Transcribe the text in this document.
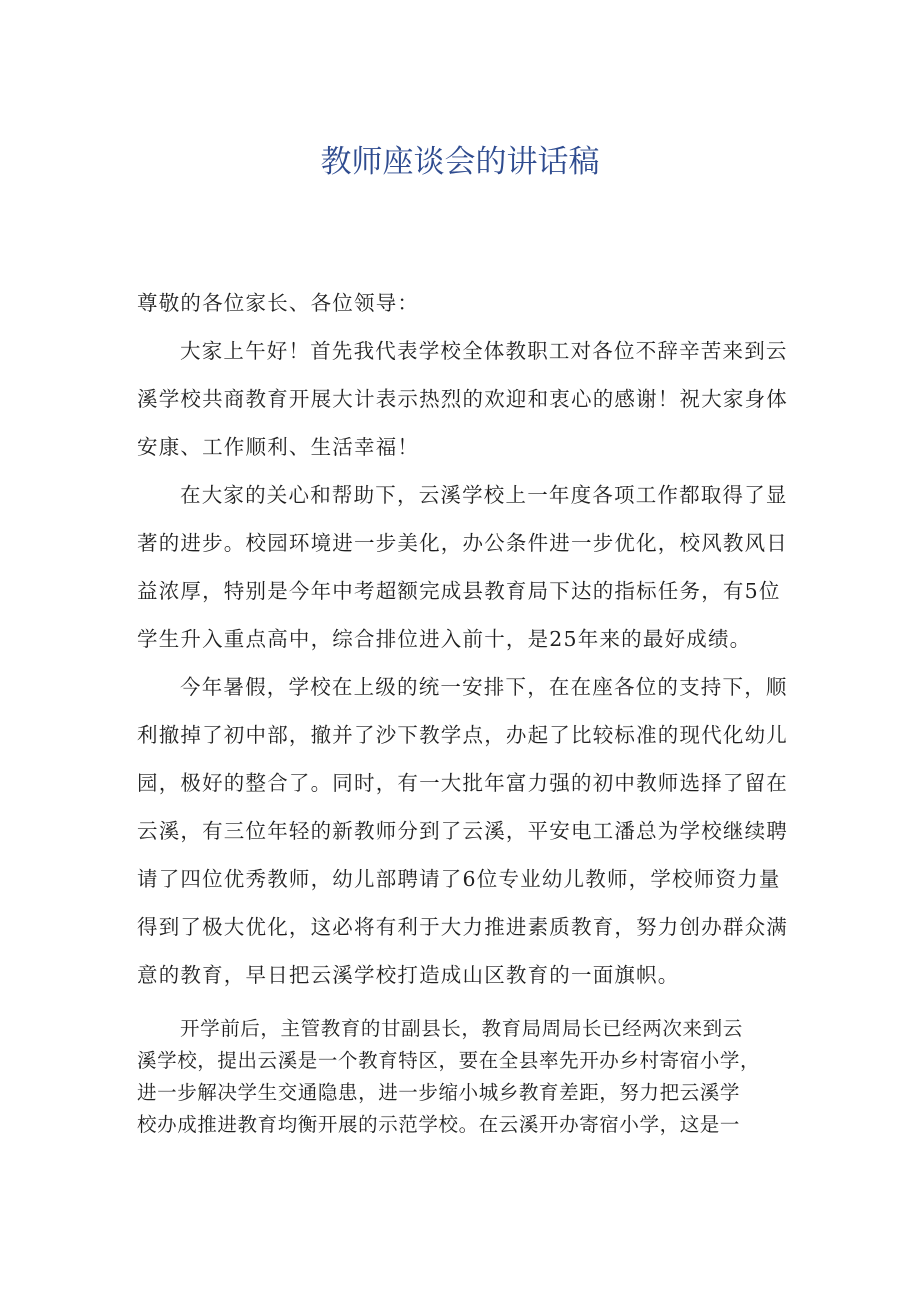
教师座谈会的讲话稿

尊敬的各位家长、各位领导：

大家上午好！首先我代表学校全体教职工对各位不辞辛苦来到云

溪学校共商教育开展大计表示热烈的欢迎和衷心的感谢！祝大家身体

安康、工作顺利、生活幸福！

在大家的关心和帮助下，云溪学校上一年度各项工作都取得了显

著的进步。校园环境进一步美化，办公条件进一步优化，校风教风日

益浓厚，特别是今年中考超额完成县教育局下达的指标任务，有5位

学生升入重点高中，综合排位进入前十，是25年来的最好成绩。

今年暑假，学校在上级的统一安排下，在在座各位的支持下，顺

利撤掉了初中部，撤并了沙下教学点，办起了比较标准的现代化幼儿

园，极好的整合了。同时，有一大批年富力强的初中教师选择了留在

云溪，有三位年轻的新教师分到了云溪，平安电工潘总为学校继续聘

请了四位优秀教师，幼儿部聘请了6位专业幼儿教师，学校师资力量

得到了极大优化，这必将有利于大力推进素质教育，努力创办群众满

意的教育，早日把云溪学校打造成山区教育的一面旗帜。

开学前后，主管教育的甘副县长，教育局周局长已经两次来到云

溪学校，提出云溪是一个教育特区，要在全县率先开办乡村寄宿小学，

进一步解决学生交通隐患，进一步缩小城乡教育差距，努力把云溪学

校办成推进教育均衡开展的示范学校。在云溪开办寄宿小学，这是一
